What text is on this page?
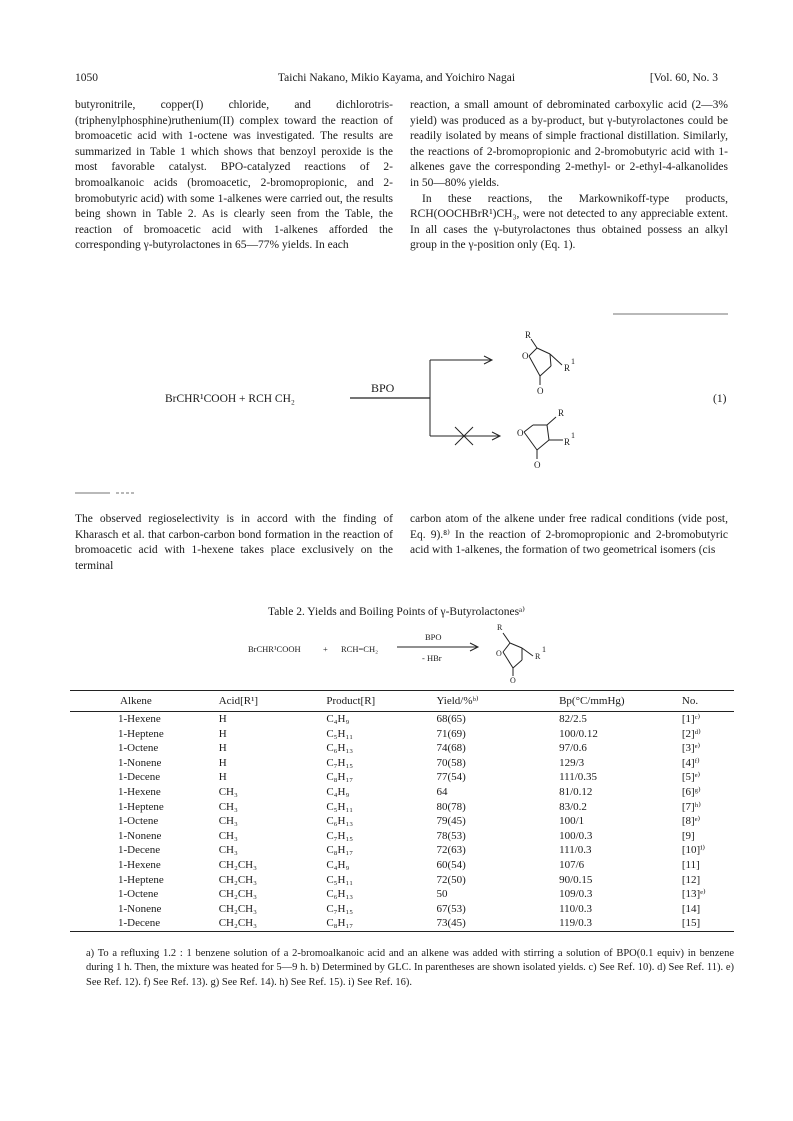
1050	Taichi Nakano, Mikio Kayama, and Yoichiro Nagai	[Vol. 60, No. 3

butyronitrile, copper(I) chloride, and dichlorotris-(triphenylphosphine)ruthenium(II) complex toward the reaction of bromoacetic acid with 1-octene was investigated. The results are summarized in Table 1 which shows that benzoyl peroxide is the most favorable catalyst. BPO-catalyzed reactions of 2-bromoalkanoic acids (bromoacetic, 2-bromopropionic, and 2-bromobutyric acid) with some 1-alkenes were carried out, the results being shown in Table 2. As is clearly seen from the Table, the reaction of bromoacetic acid with 1-alkenes afforded the corresponding γ-butyrolactones in 65—77% yields. In each

reaction, a small amount of debrominated carboxylic acid (2—3% yield) was produced as a by-product, but γ-butyrolactones could be readily isolated by means of simple fractional distillation. Similarly, the reactions of 2-bromopropionic and 2-bromobutyric acid with 1-alkenes gave the corresponding 2-methyl- or 2-ethyl-4-alkanolides in 50—80% yields.

In these reactions, the Markownikoff-type products, RCH(OOCHBrR¹)CH₃, were not detected to any appreciable extent. In all cases the γ-butyrolactones thus obtained possess an alkyl group in the γ-position only (Eq. 1).

BrCHR¹COOH + RCH CH₂
BPO
(1)
O
O
R
R
1
O
O
R
R
1

The observed regioselectivity is in accord with the finding of Kharasch et al. that carbon-carbon bond formation in the reaction of bromoacetic acid with 1-hexene takes place exclusively on the terminal

carbon atom of the alkene under free radical conditions (vide post, Eq. 9).⁸⁾ In the reaction of 2-bromopropionic and 2-bromobutyric acid with 1-alkenes, the formation of two geometrical isomers (cis

Table 2. Yields and Boiling Points of γ-Butyrolactonesᵃ⁾
BrCHR¹COOH	+ RCH=CH₂
BPO
- HBr	O
O
R
R
1
Alkene	Acid[R¹]	Product[R]	Yield/%ᵇ⁾	Bp(°C/mmHg)	No.
1-Hexene	H	C₄H₉	68(65)	82/2.5	[1]ᶜ⁾
1-Heptene	H	C₅H₁₁	71(69)	100/0.12	[2]ᵈ⁾
1-Octene	H	C₆H₁₃	74(68)	97/0.6	[3]ᵉ⁾
1-Nonene	H	C₇H₁₅	70(58)	129/3	[4]ᶠ⁾
1-Decene	H	C₈H₁₇	77(54)	111/0.35	[5]ᵉ⁾
1-Hexene	CH₃	C₄H₉	64	81/0.12	[6]ᵍ⁾
1-Heptene	CH₃	C₅H₁₁	80(78)	83/0.2	[7]ʰ⁾
1-Octene	CH₃	C₆H₁₃	79(45)	100/1	[8]ᵉ⁾
1-Nonene	CH₃	C₇H₁₅	78(53)	100/0.3	[9]
1-Decene	CH₃	C₈H₁₇	72(63)	111/0.3	[10]ⁱ⁾
1-Hexene	CH₂CH₃	C₄H₉	60(54)	107/6	[11]
1-Heptene	CH₂CH₃	C₅H₁₁	72(50)	90/0.15	[12]
1-Octene	CH₂CH₃	C₆H₁₃	50	109/0.3	[13]ᵉ⁾
1-Nonene	CH₂CH₃	C₇H₁₅	67(53)	110/0.3	[14]
1-Decene	CH₂CH₃	C₈H₁₇	73(45)	119/0.3	[15]

a) To a refluxing 1.2 : 1 benzene solution of a 2-bromoalkanoic acid and an alkene was added with stirring a solution of BPO(0.1 equiv) in benzene during 1 h. Then, the mixture was heated for 5—9 h. b) Determined by GLC. In parentheses are shown isolated yields. c) See Ref. 10). d) See Ref. 11). e) See Ref. 12). f) See Ref. 13). g) See Ref. 14). h) See Ref. 15). i) See Ref. 16).
